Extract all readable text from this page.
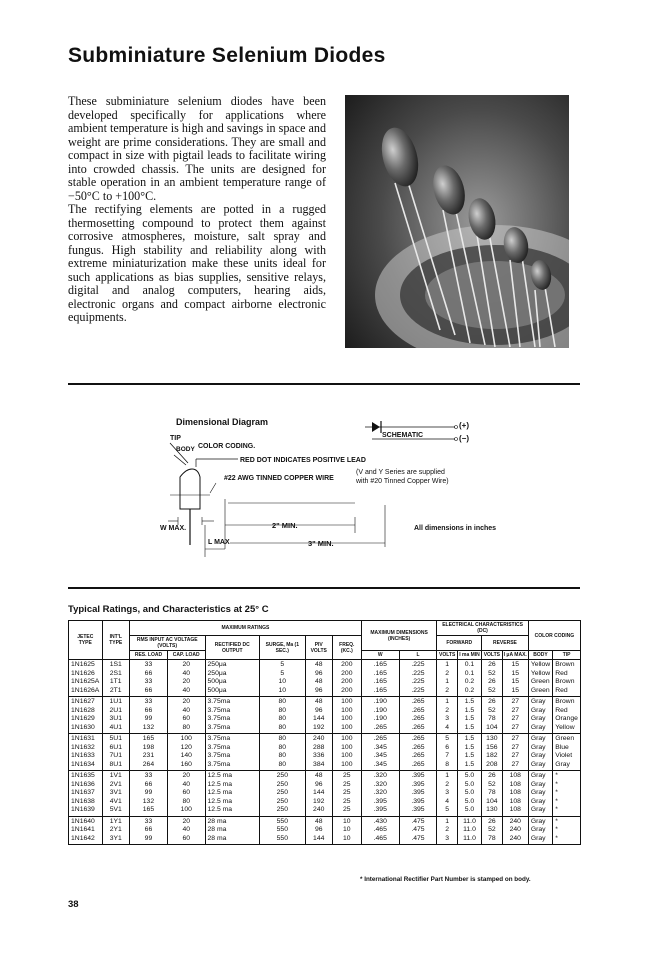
Subminiature Selenium Diodes

These subminiature selenium diodes have been developed specifically for applications where ambient temperature is high and savings in space and weight are prime considerations. They are small and compact in size with pigtail leads to facilitate wiring into crowded chassis. The units are designed for stable operation in an ambient temperature range of −50°C to +100°C.

The rectifying elements are potted in a rugged thermosetting compound to protect them against corrosive atmospheres, moisture, salt spray and fungus. High stability and reliability along with extreme miniaturization make these units ideal for such applications as bias supplies, sensitive relays, digital and analog computers, hearing aids, electronic organs and compact airborne electronic equipments.

Dimensional Diagram
TIP
BODY COLOR CODING.
RED DOT INDICATES POSITIVE LEAD
#22 AWG TINNED COPPER WIRE
(V and Y Series are supplied
with #20 Tinned Copper Wire)
W MAX.
L MAX
2" MIN.
3" MIN.
SCHEMATIC
(+)
(−)
All dimensions in inches
Typical Ratings, and Characteristics at 25° C
JETEC TYPE	INT'L TYPE	MAXIMUM RATINGS						MAXIMUM DIMENSIONS (INCHES)		ELECTRICAL CHARACTERISTICS (DC)				COLOR CODING	
		RMS INPUT AC VOLTAGE (VOLTS)		RECTIFIED DC OUTPUT	SURGE, Ma (1 SEC.)	PIV VOLTS	FREQ. (KC.)			FORWARD		REVERSE			
		RES. LOAD	CAP. LOAD					W	L	VOLTS	I ma MIN	VOLTS	I μA MAX.	BODY	TIP
1N1625	1S1	33	20	250μa	5	48	200	.165	.225	1	0.1	26	15	Yellow	Brown
1N1626	2S1	66	40	250μa	5	96	200	.165	.225	2	0.1	52	15	Yellow	Red
1N1625A	1T1	33	20	500μa	10	48	200	.165	.225	1	0.2	26	15	Green	Brown
1N1626A	2T1	66	40	500μa	10	96	200	.165	.225	2	0.2	52	15	Green	Red
1N1627	1U1	33	20	3.75ma	80	48	100	.190	.265	1	1.5	26	27	Gray	Brown
1N1628	2U1	66	40	3.75ma	80	96	100	.190	.265	2	1.5	52	27	Gray	Red
1N1629	3U1	99	60	3.75ma	80	144	100	.190	.265	3	1.5	78	27	Gray	Orange
1N1630	4U1	132	80	3.75ma	80	192	100	.265	.265	4	1.5	104	27	Gray	Yellow
1N1631	5U1	165	100	3.75ma	80	240	100	.265	.265	5	1.5	130	27	Gray	Green
1N1632	6U1	198	120	3.75ma	80	288	100	.345	.265	6	1.5	156	27	Gray	Blue
1N1633	7U1	231	140	3.75ma	80	336	100	.345	.265	7	1.5	182	27	Gray	Violet
1N1634	8U1	264	160	3.75ma	80	384	100	.345	.265	8	1.5	208	27	Gray	Gray
1N1635	1V1	33	20	12.5 ma	250	48	25	.320	.395	1	5.0	26	108	Gray	*
1N1636	2V1	66	40	12.5 ma	250	96	25	.320	.395	2	5.0	52	108	Gray	*
1N1637	3V1	99	60	12.5 ma	250	144	25	.320	.395	3	5.0	78	108	Gray	*
1N1638	4V1	132	80	12.5 ma	250	192	25	.395	.395	4	5.0	104	108	Gray	*
1N1639	5V1	165	100	12.5 ma	250	240	25	.395	.395	5	5.0	130	108	Gray	*
1N1640	1Y1	33	20	28 ma	550	48	10	.430	.475	1	11.0	26	240	Gray	*
1N1641	2Y1	66	40	28 ma	550	96	10	.465	.475	2	11.0	52	240	Gray	*
1N1642	3Y1	99	60	28 ma	550	144	10	.465	.475	3	11.0	78	240	Gray	*
* International Rectifier Part Number is stamped on body.
38
